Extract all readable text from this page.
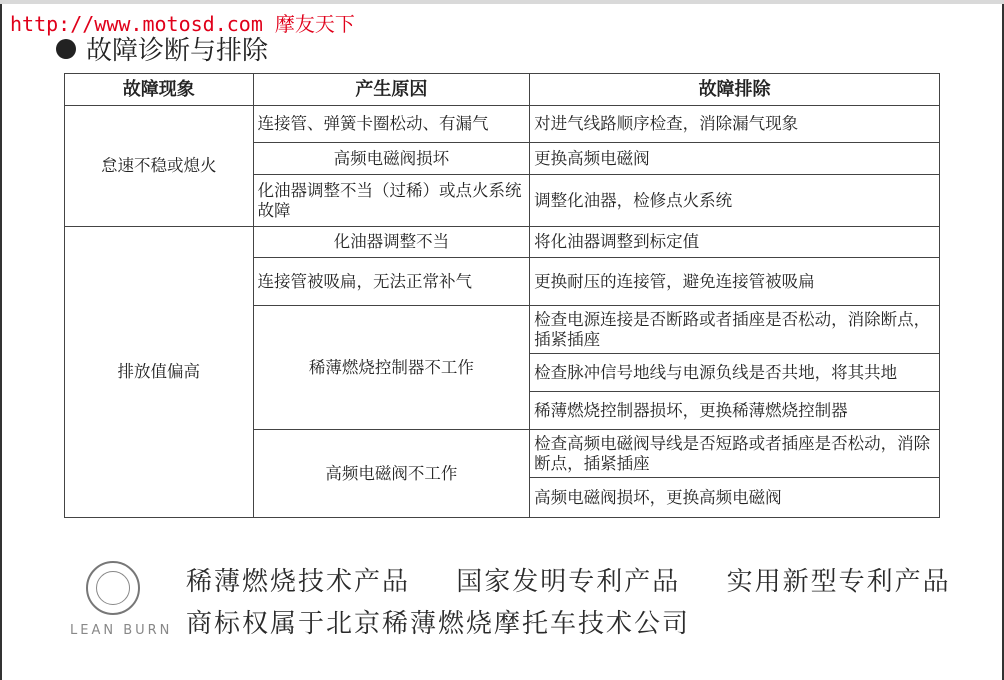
http://www.motosd.com 摩友天下
故障诊断与排除
故障现象	产生原因	故障排除
怠速不稳或熄火	连接管、弹簧卡圈松动、有漏气	对进气线路顺序检查，消除漏气现象
	高频电磁阀损坏	更换高频电磁阀
	化油器调整不当（过稀）或点火系统故障	调整化油器，检修点火系统
排放值偏高	化油器调整不当	将化油器调整到标定值
	连接管被吸扁，无法正常补气	更换耐压的连接管，避免连接管被吸扁
	稀薄燃烧控制器不工作	检查电源连接是否断路或者插座是否松动，消除断点，插紧插座
		检查脉冲信号地线与电源负线是否共地，将其共地
		稀薄燃烧控制器损坏，更换稀薄燃烧控制器
	高频电磁阀不工作	检查高频电磁阀导线是否短路或者插座是否松动，消除断点，插紧插座
		高频电磁阀损坏，更换高频电磁阀
LEAN BURN
稀薄燃烧技术产品 国家发明专利产品 实用新型专利产品
商标权属于北京稀薄燃烧摩托车技术公司
